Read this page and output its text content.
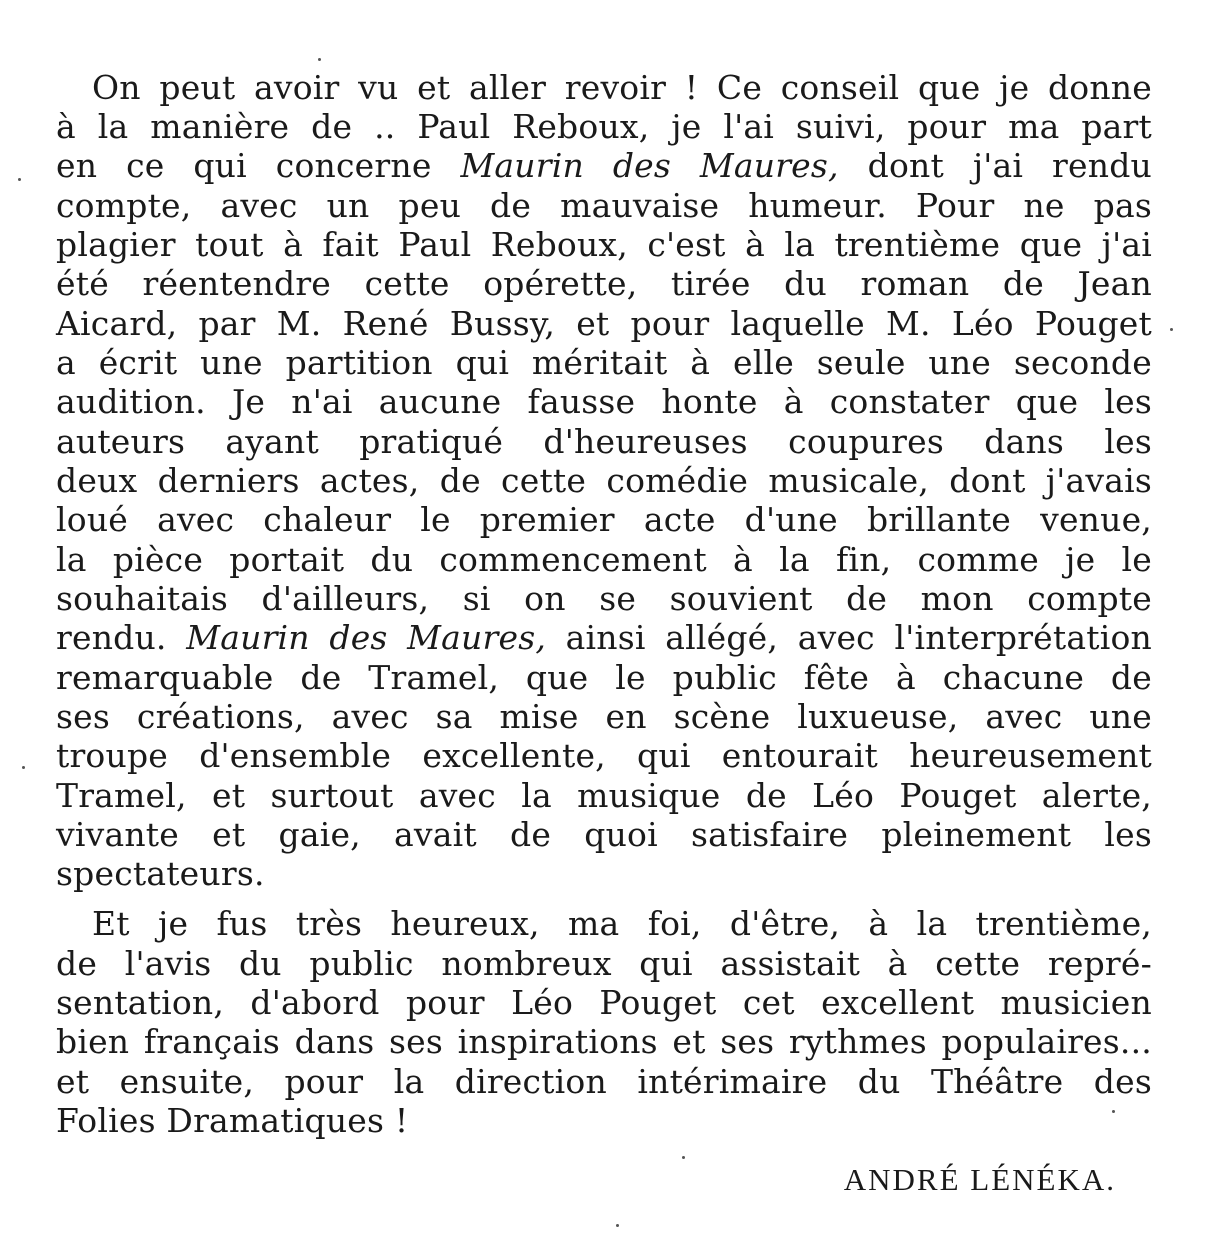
On peut avoir vu et aller revoir ! Ce conseil que je donne
à la manière de .. Paul Reboux, je l'ai suivi, pour ma part
en ce qui concerne Maurin des Maures, dont j'ai rendu
compte, avec un peu de mauvaise humeur. Pour ne pas
plagier tout à fait Paul Reboux, c'est à la trentième que j'ai
été réentendre cette opérette, tirée du roman de Jean
Aicard, par M. René Bussy, et pour laquelle M. Léo Pouget
a écrit une partition qui méritait à elle seule une seconde
audition. Je n'ai aucune fausse honte à constater que les
auteurs ayant pratiqué d'heureuses coupures dans les
deux derniers actes, de cette comédie musicale, dont j'avais
loué avec chaleur le premier acte d'une brillante venue,
la pièce portait du commencement à la fin, comme je le
souhaitais d'ailleurs, si on se souvient de mon compte
rendu. Maurin des Maures, ainsi allégé, avec l'interprétation
remarquable de Tramel, que le public fête à chacune de
ses créations, avec sa mise en scène luxueuse, avec une
troupe d'ensemble excellente, qui entourait heureusement
Tramel, et surtout avec la musique de Léo Pouget alerte,
vivante et gaie, avait de quoi satisfaire pleinement les
spectateurs.
Et je fus très heureux, ma foi, d'être, à la trentième,
de l'avis du public nombreux qui assistait à cette repré-
sentation, d'abord pour Léo Pouget cet excellent musicien
bien français dans ses inspirations et ses rythmes populaires...
et ensuite, pour la direction intérimaire du Théâtre des
Folies Dramatiques !
ANDRÉ LÉNÉKA.
